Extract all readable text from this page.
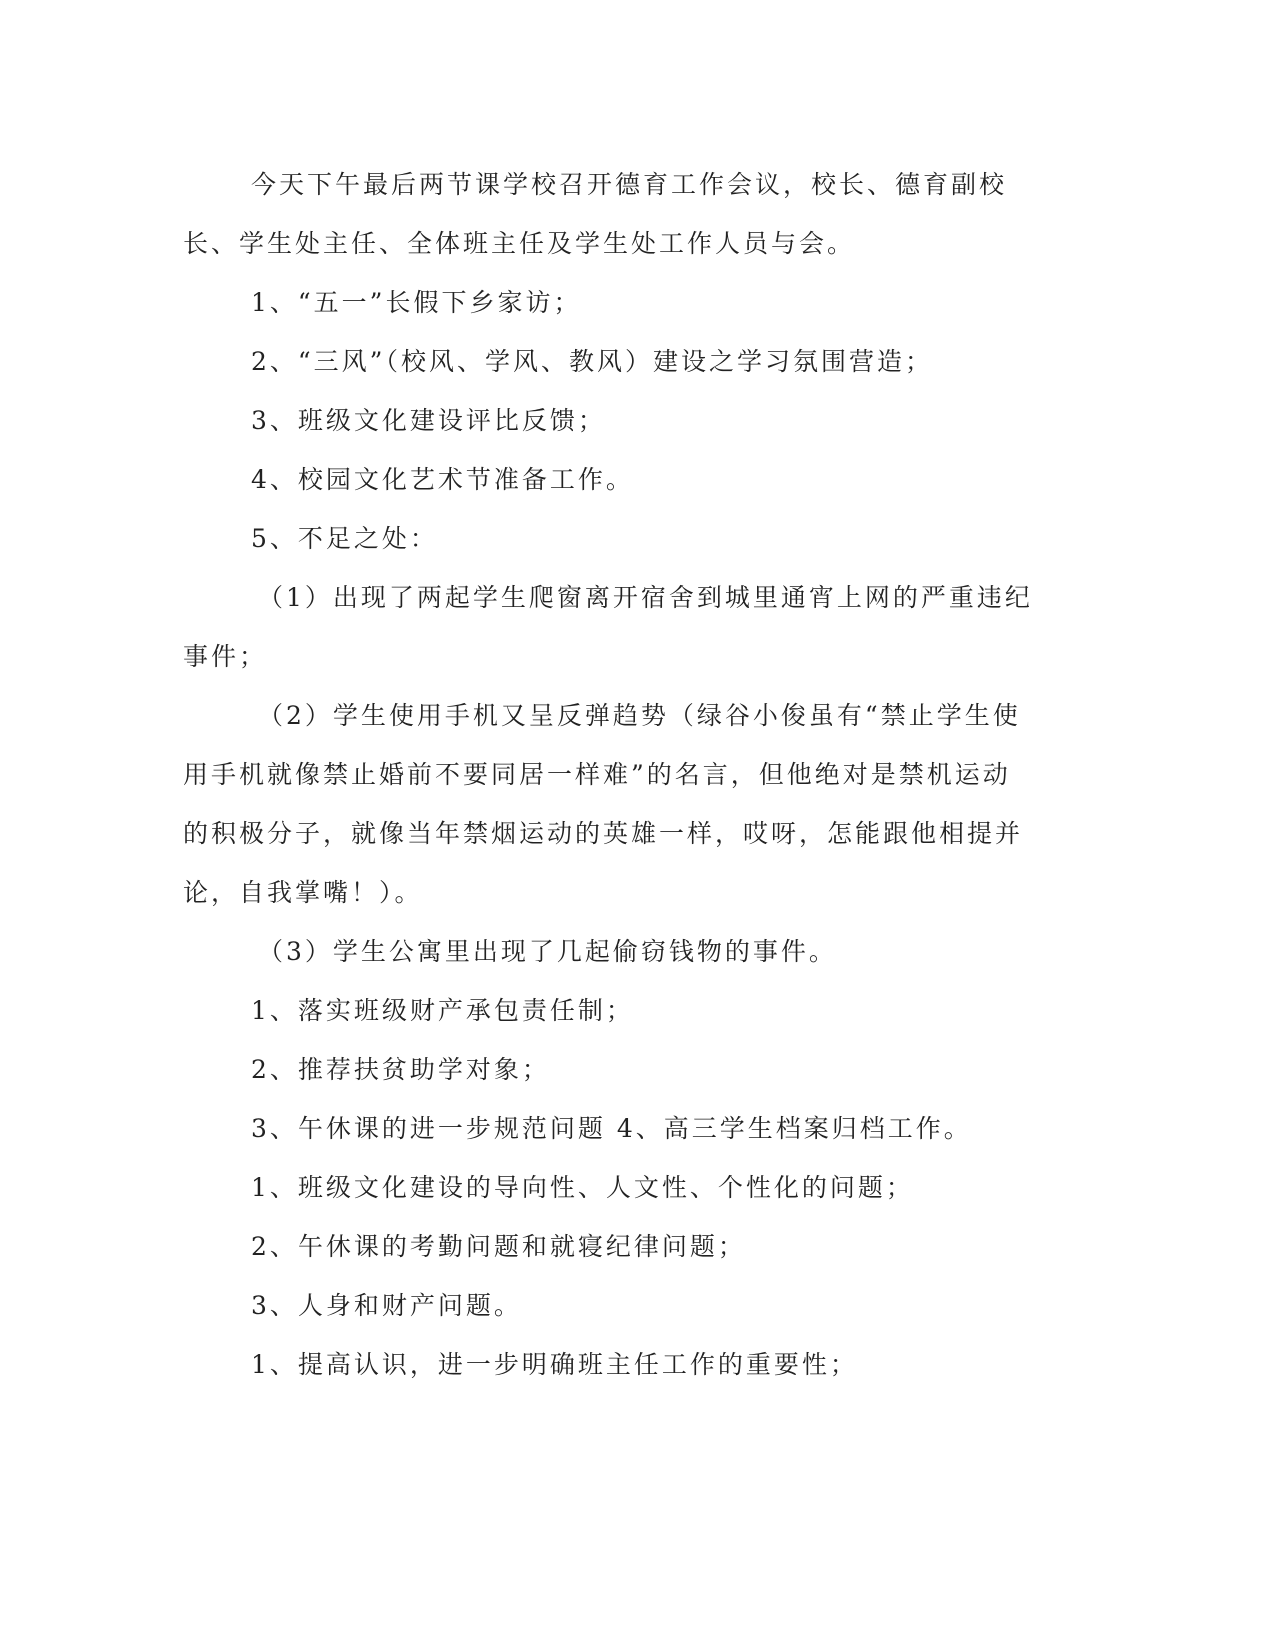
今天下午最后两节课学校召开德育工作会议，校长、德育副校长、学生处主任、全体班主任及学生处工作人员与会。

1、“五一”长假下乡家访；

2、“三风”（校风、学风、教风）建设之学习氛围营造；

3、班级文化建设评比反馈；

4、校园文化艺术节准备工作。

5、不足之处：

（1）出现了两起学生爬窗离开宿舍到城里通宵上网的严重违纪事件；

（2）学生使用手机又呈反弹趋势（绿谷小俊虽有“禁止学生使用手机就像禁止婚前不要同居一样难”的名言，但他绝对是禁机运动的积极分子，就像当年禁烟运动的英雄一样，哎呀，怎能跟他相提并论，自我掌嘴！）。

（3）学生公寓里出现了几起偷窃钱物的事件。

1、落实班级财产承包责任制；

2、推荐扶贫助学对象；

3、午休课的进一步规范问题 4、高三学生档案归档工作。

1、班级文化建设的导向性、人文性、个性化的问题；

2、午休课的考勤问题和就寝纪律问题；

3、人身和财产问题。

1、提高认识，进一步明确班主任工作的重要性；
